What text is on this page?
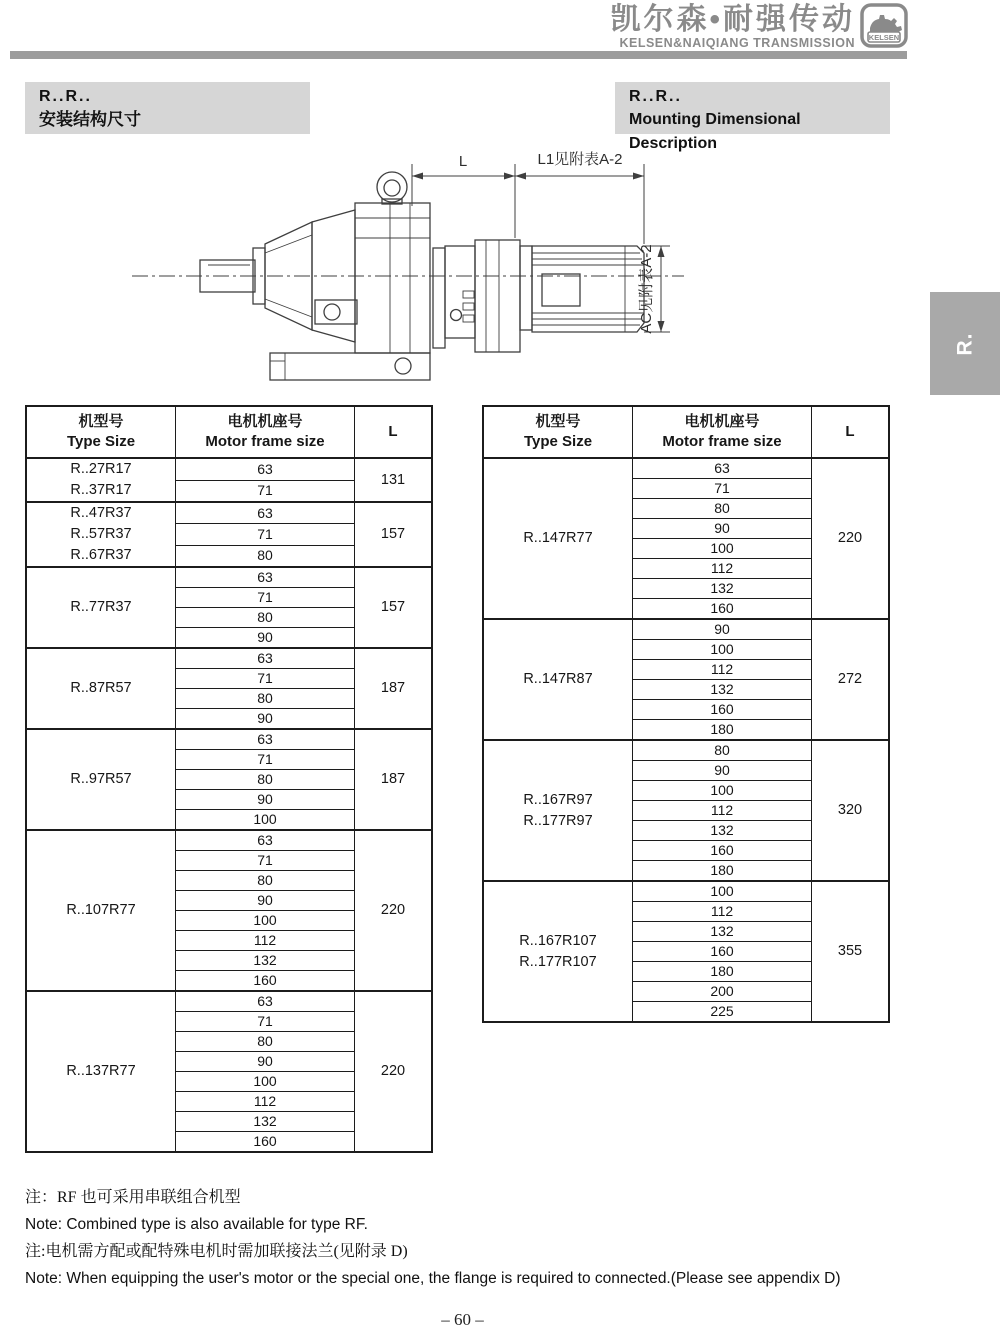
凯尔森•耐强传动
KELSEN&NAIQIANG TRANSMISSION KELSEN
R..R..
安装结构尺寸
R..R..
Mounting Dimensional Description
R.
L	L1见附表A-2
AC见附表A-2
机型号
Type Size

电机机座号
Motor frame size

L

R..27R17
R..37R17	63	131
	71	

R..47R37
R..57R37
R..67R37	63	157
	71	
	80	

R..77R37	63	157
	71	
	80	
	90	

R..87R57	63	187
	71	
	80	
	90	

R..97R57	63	187
	71	
	80	
	90	
	100	

R..107R77	63	220
	71	
	80	
	90	
	100	
	112	
	132	
	160	

R..137R77	63	220
	71	
	80	
	90	
	100	
	112	
	132	
	160	
机型号
Type Size

电机机座号
Motor frame size

L

R..147R77	63	220
	71	
	80	
	90	
	100	
	112	
	132	
	160	

R..147R87	90	272
	100	
	112	
	132	
	160	
	180	

R..167R97
R..177R97	80	320
	90	
	100	
	112	
	132	
	160	
	180	

R..167R107
R..177R107	100	355
	112	
	132	
	160	
	180	
	200	
	225	

注：RF 也可采用串联组合机型

Note: Combined type is also available for type RF.

注:电机需方配或配特殊电机时需加联接法兰(见附录 D)

Note: When equipping the user's motor or the special one, the flange is required to connected.(Please see appendix D)

– 60 –
